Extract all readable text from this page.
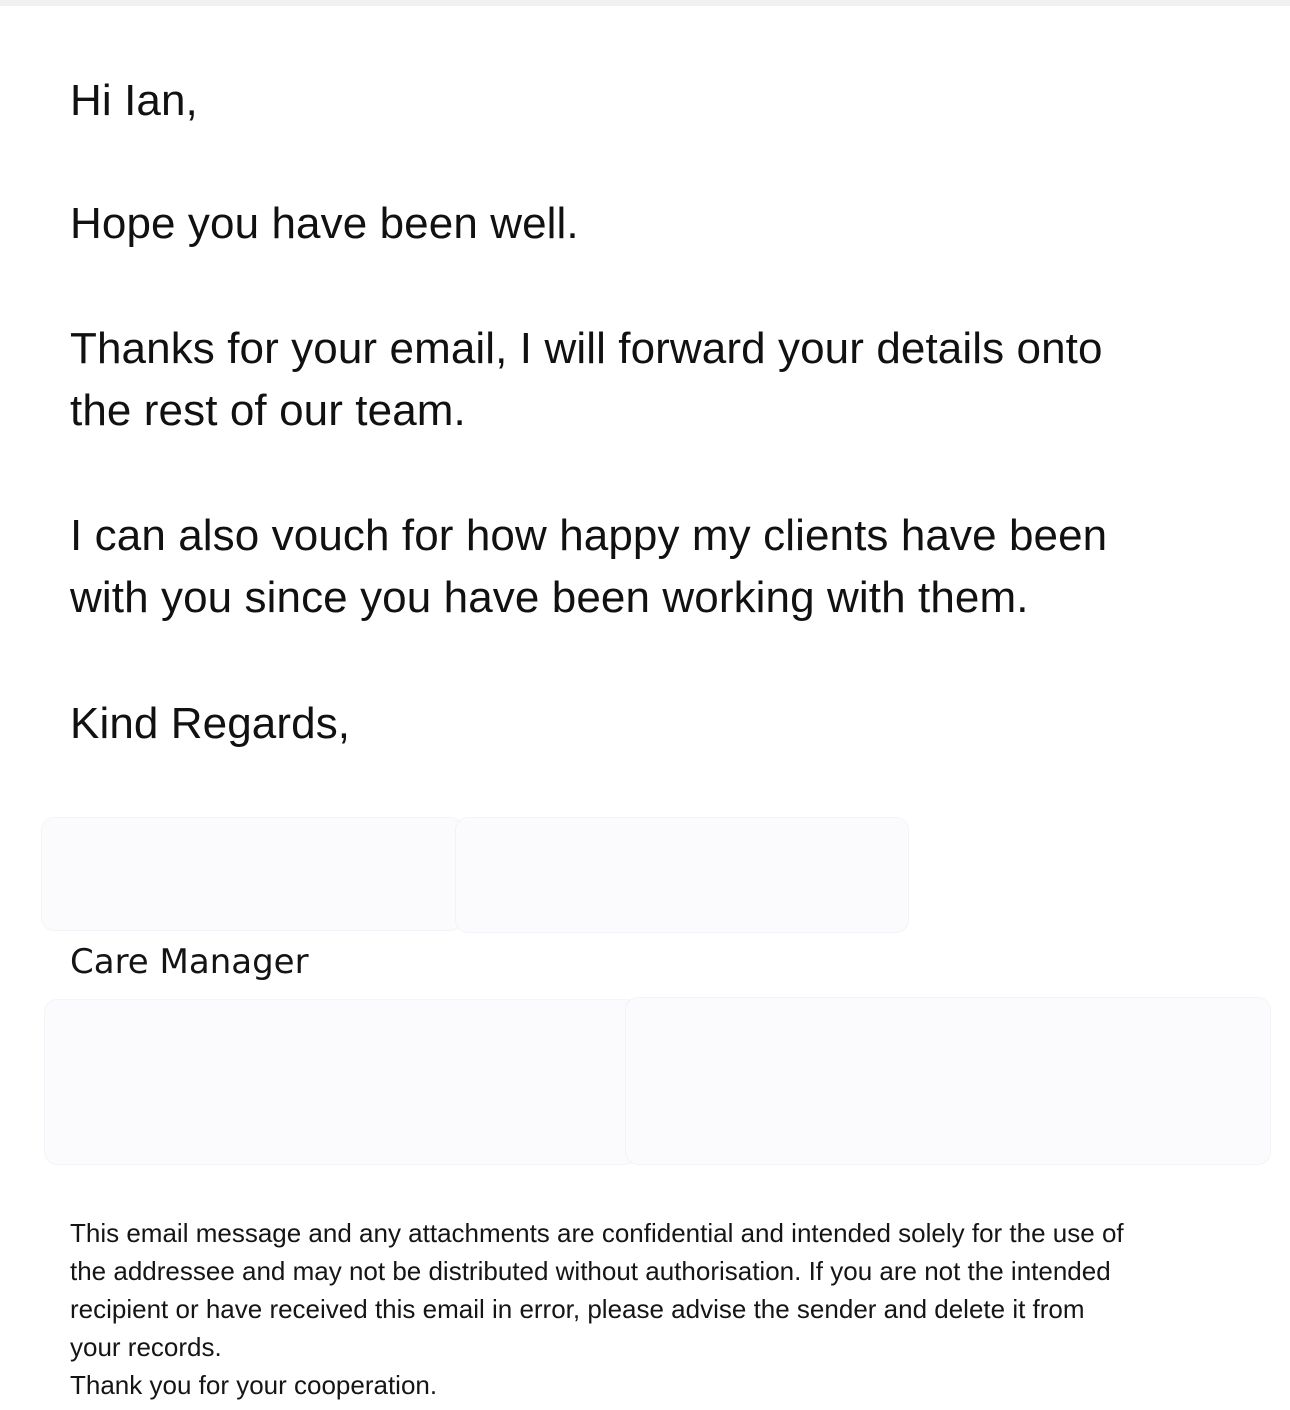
Hi Ian,

Hope you have been well.

Thanks for your email, I will forward your details onto

the rest of our team.

I can also vouch for how happy my clients have been

with you since you have been working with them.

Kind Regards,

Care Manager

This email message and any attachments are confidential and intended solely for the use of
the addressee and may not be distributed without authorisation. If you are not the intended
recipient or have received this email in error, please advise the sender and delete it from
your records.
Thank you for your cooperation.
